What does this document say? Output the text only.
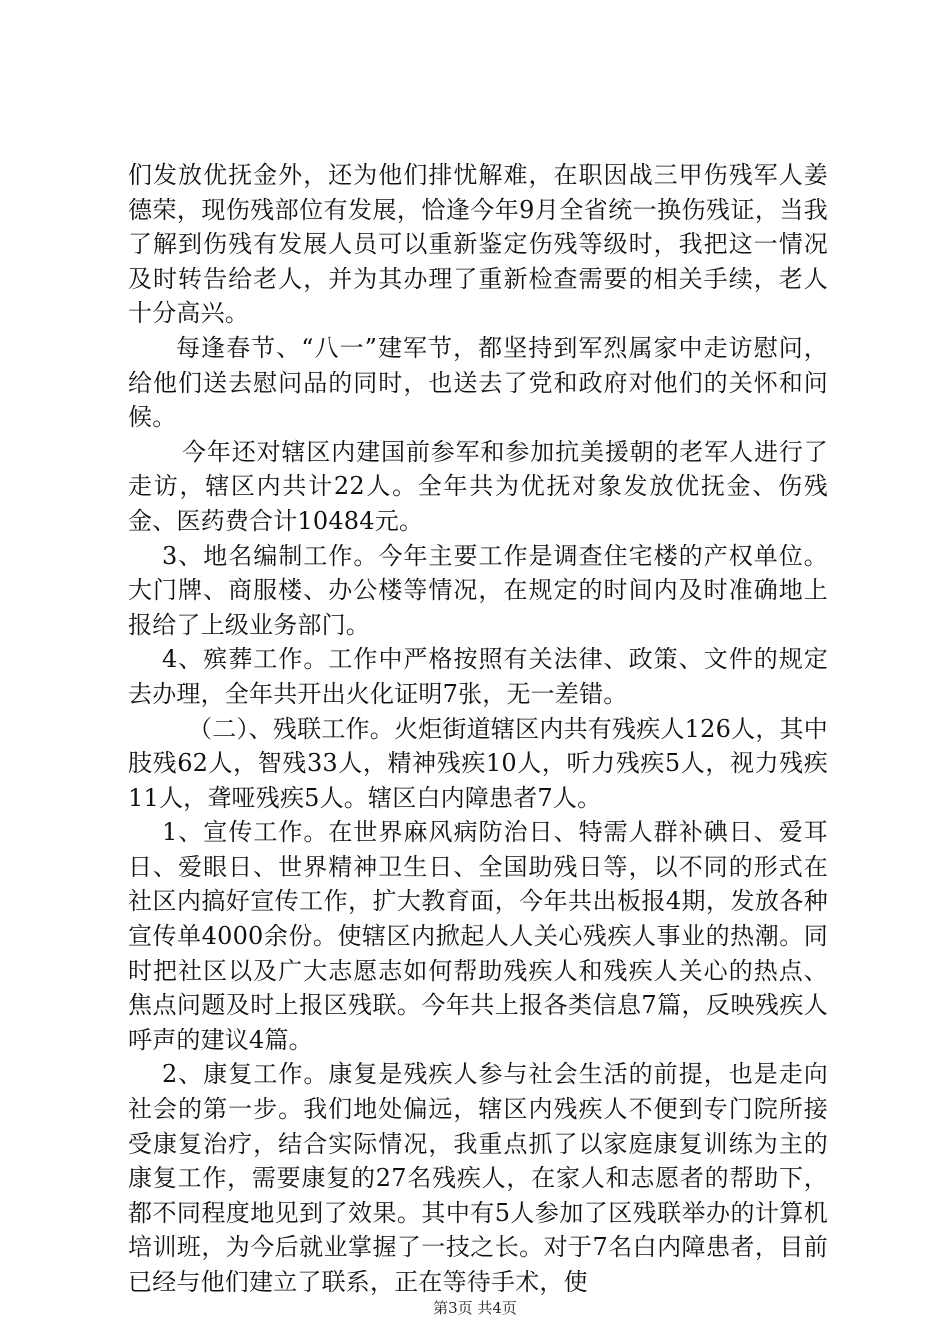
们发放优抚金外，还为他们排忧解难，在职因战三甲伤残军人姜德荣，现伤残部位有发展，恰逢今年9月全省统一换伤残证，当我了解到伤残有发展人员可以重新鉴定伤残等级时，我把这一情况及时转告给老人，并为其办理了重新检查需要的相关手续，老人十分高兴。

每逢春节、“八一”建军节，都坚持到军烈属家中走访慰问，给他们送去慰问品的同时，也送去了党和政府对他们的关怀和问候。

今年还对辖区内建国前参军和参加抗美援朝的老军人进行了走访，辖区内共计22人。全年共为优抚对象发放优抚金、伤残金、医药费合计10484元。

3、地名编制工作。今年主要工作是调查住宅楼的产权单位。大门牌、商服楼、办公楼等情况，在规定的时间内及时准确地上报给了上级业务部门。

4、殡葬工作。工作中严格按照有关法律、政策、文件的规定去办理，全年共开出火化证明7张，无一差错。

（二）、残联工作。火炬街道辖区内共有残疾人126人，其中肢残62人，智残33人，精神残疾10人，听力残疾5人，视力残疾11人，聋哑残疾5人。辖区白内障患者7人。

1、宣传工作。在世界麻风病防治日、特需人群补碘日、爱耳日、爱眼日、世界精神卫生日、全国助残日等，以不同的形式在社区内搞好宣传工作，扩大教育面，今年共出板报4期，发放各种宣传单4000余份。使辖区内掀起人人关心残疾人事业的热潮。同时把社区以及广大志愿志如何帮助残疾人和残疾人关心的热点、焦点问题及时上报区残联。今年共上报各类信息7篇，反映残疾人呼声的建议4篇。

2、康复工作。康复是残疾人参与社会生活的前提，也是走向社会的第一步。我们地处偏远，辖区内残疾人不便到专门院所接受康复治疗，结合实际情况，我重点抓了以家庭康复训练为主的康复工作，需要康复的27名残疾人，在家人和志愿者的帮助下，都不同程度地见到了效果。其中有5人参加了区残联举办的计算机培训班，为今后就业掌握了一技之长。对于7名白内障患者，目前已经与他们建立了联系，正在等待手术，使

第3页 共4页
